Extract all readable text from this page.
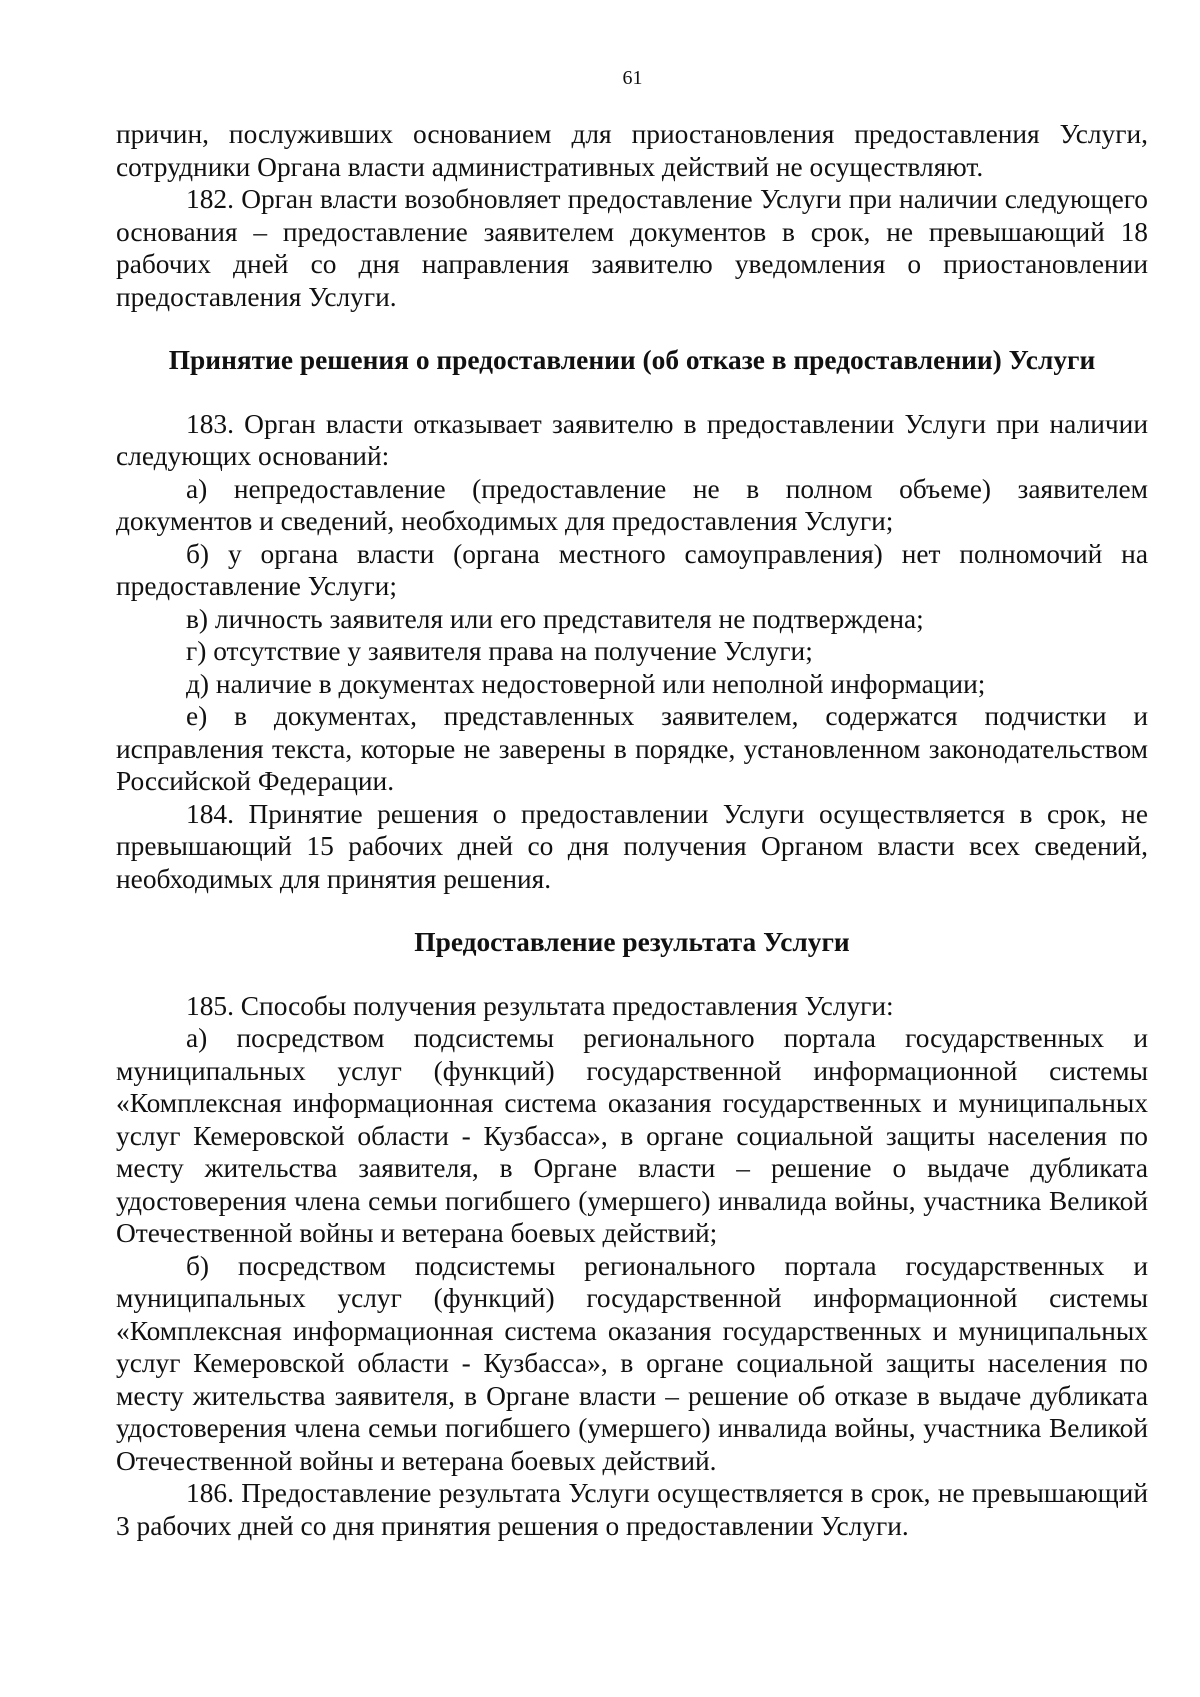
61

причин, послуживших основанием для приостановления предоставления Услуги, сотрудники Органа власти административных действий не осуществляют.

182. Орган власти возобновляет предоставление Услуги при наличии следующего основания – предоставление заявителем документов в срок, не превышающий 18 рабочих дней со дня направления заявителю уведомления о приостановлении предоставления Услуги.

Принятие решения о предоставлении (об отказе в предоставлении) Услуги

183. Орган власти отказывает заявителю в предоставлении Услуги при наличии следующих оснований:

а) непредоставление (предоставление не в полном объеме) заявителем документов и сведений, необходимых для предоставления Услуги;

б) у органа власти (органа местного самоуправления) нет полномочий на предоставление Услуги;

в) личность заявителя или его представителя не подтверждена;

г) отсутствие у заявителя права на получение Услуги;

д) наличие в документах недостоверной или неполной информации;

е) в документах, представленных заявителем, содержатся подчистки и исправления текста, которые не заверены в порядке, установленном законодательством Российской Федерации.

184. Принятие решения о предоставлении Услуги осуществляется в срок, не превышающий 15 рабочих дней со дня получения Органом власти всех сведений, необходимых для принятия решения.

Предоставление результата Услуги

185. Способы получения результата предоставления Услуги:

а) посредством подсистемы регионального портала государственных и муниципальных услуг (функций) государственной информационной системы «Комплексная информационная система оказания государственных и муниципальных услуг Кемеровской области - Кузбасса», в органе социальной защиты населения по месту жительства заявителя, в Органе власти – решение о выдаче дубликата удостоверения члена семьи погибшего (умершего) инвалида войны, участника Великой Отечественной войны и ветерана боевых действий;

б) посредством подсистемы регионального портала государственных и муниципальных услуг (функций) государственной информационной системы «Комплексная информационная система оказания государственных и муниципальных услуг Кемеровской области - Кузбасса», в органе социальной защиты населения по месту жительства заявителя, в Органе власти – решение об отказе в выдаче дубликата удостоверения члена семьи погибшего (умершего) инвалида войны, участника Великой Отечественной войны и ветерана боевых действий.

186. Предоставление результата Услуги осуществляется в срок, не превышающий 3 рабочих дней со дня принятия решения о предоставлении Услуги.
